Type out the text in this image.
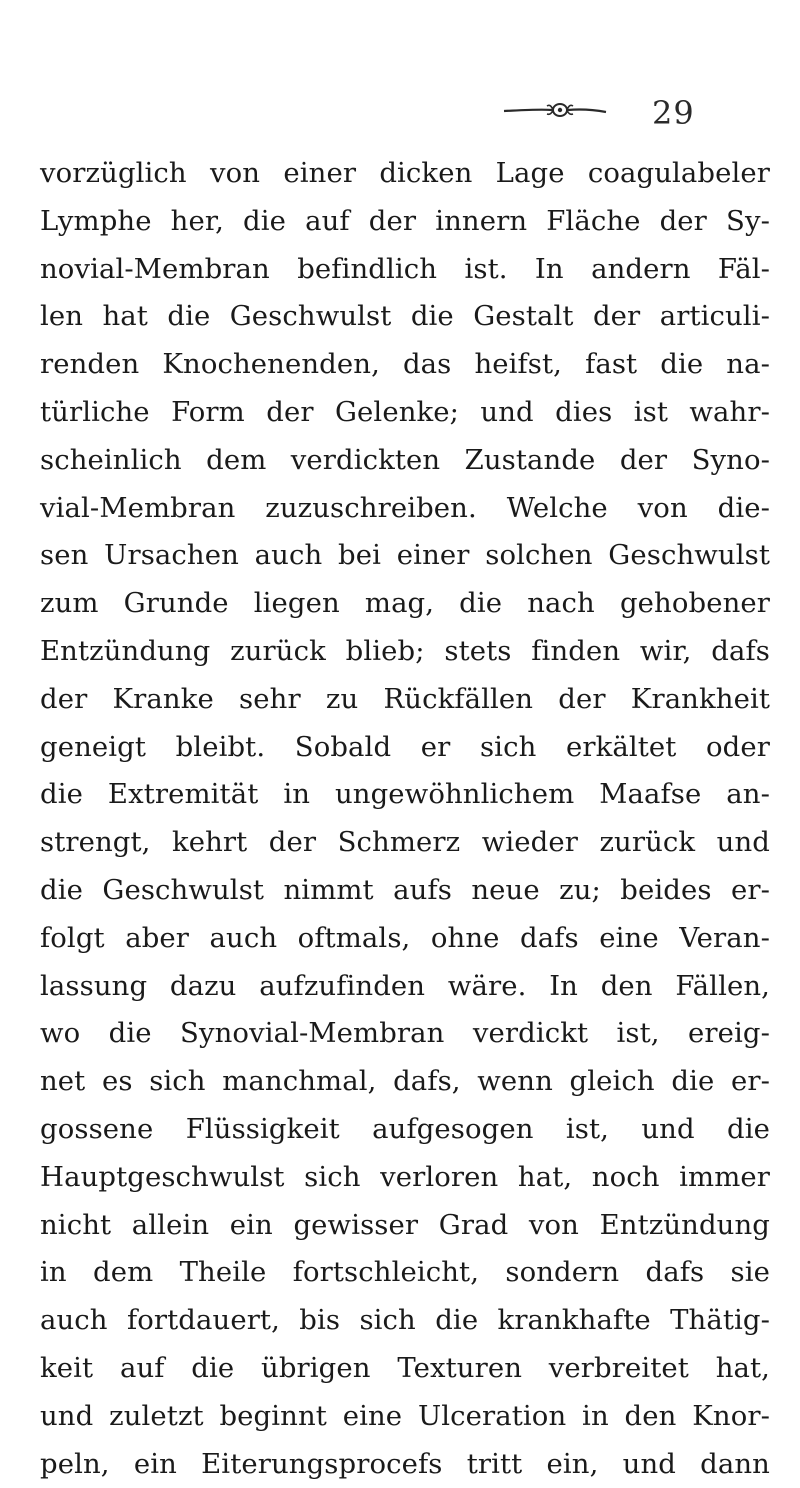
29
vorzüglich von einer dicken Lage coagulabeler
Lymphe her, die auf der innern Fläche der Sy-
novial-Membran befindlich ist. In andern Fäl-
len hat die Geschwulst die Gestalt der articuli-
renden Knochenenden, das heifst, fast die na-
türliche Form der Gelenke; und dies ist wahr-
scheinlich dem verdickten Zustande der Syno-
vial-Membran zuzuschreiben. Welche von die-
sen Ursachen auch bei einer solchen Geschwulst
zum Grunde liegen mag, die nach gehobener
Entzündung zurück blieb; stets finden wir, dafs
der Kranke sehr zu Rückfällen der Krankheit
geneigt bleibt. Sobald er sich erkältet oder
die Extremität in ungewöhnlichem Maafse an-
strengt, kehrt der Schmerz wieder zurück und
die Geschwulst nimmt aufs neue zu; beides er-
folgt aber auch oftmals, ohne dafs eine Veran-
lassung dazu aufzufinden wäre. In den Fällen,
wo die Synovial-Membran verdickt ist, ereig-
net es sich manchmal, dafs, wenn gleich die er-
gossene Flüssigkeit aufgesogen ist, und die
Hauptgeschwulst sich verloren hat, noch immer
nicht allein ein gewisser Grad von Entzündung
in dem Theile fortschleicht, sondern dafs sie
auch fortdauert, bis sich die krankhafte Thätig-
keit auf die übrigen Texturen verbreitet hat,
und zuletzt beginnt eine Ulceration in den Knor-
peln, ein Eiterungsprocefs tritt ein, und dann
